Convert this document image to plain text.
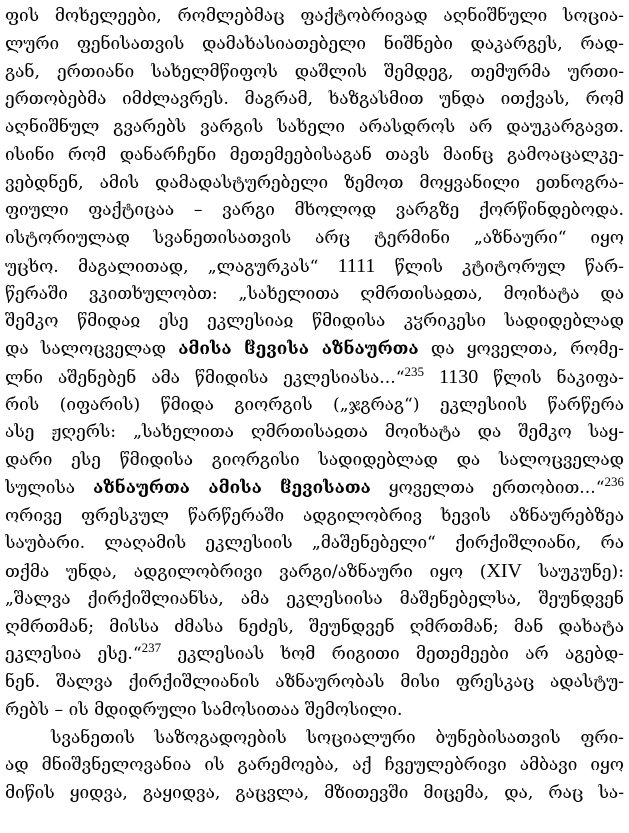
ფის მოხელეები, რომლებმაც ფაქტობრივად აღნიშნული სოცია-
ლური ფენისათვის დამახასიათებელი ნიშნები დაკარგეს, რად-
გან, ერთიანი სახელმწიფოს დაშლის შემდეგ, თემურმა ურთი-
ერთობებმა იმძლავრეს. მაგრამ, ხაზგასმით უნდა ითქვას, რომ
აღნიშნულ გვარებს ვარგის სახელი არასდროს არ დაუკარგავთ.
ისინი რომ დანარჩენი მეთემეებისაგან თავს მაინც გამოაცალკე-
ვებდნენ, ამის დამადასტურებელი ზემოთ მოყვანილი ეთნოგრა-
ფიული ფაქტიცაა – ვარგი მხოლოდ ვარგზე ქორწინდებოდა.
ისტორიულად სვანეთისათვის არც ტერმინი „აზნაური“ იყო
უცხო. მაგალითად, „ლაგურკას“ 1111 წლის კტიტორულ წარ-
წერაში ვკითხულობთ: „სახელითა ღმრთისაჲთა, მოიხატა და
შემკო წმიდაჲ ესე ეკლესიაჲ წმიდისა კჳრიკესი სადიდებლად
და სალოცველად ამისა ჱევისა აზნაურთა და ყოველთა, რომე-
ლნი აშენებენ ამა წმიდისა ეკლესიასა...“$^{235}$ 1130 წლის ნაკიფა-
რის (იფარის) წმიდა გიორგის („ჯგრაგ“) ეკლესიის წარწერა
ასე ჟღერს: „სახელითა ღმრთისაჲთა მოიხატა და შემკო საყ-
დარი ესე წმიდისა გიორგისი სადიდებლად და სალოცველად
სულისა აზნაურთა ამისა ჱევისათა ყოველთა ერთობით...“$^{236}$
ორივე ფრესკულ წარწერაში ადგილობრივ ხევის აზნაურებზეა
საუბარი. ლაღამის ეკლესიის „მაშენებელი“ ქირქიშლიანი, რა
თქმა უნდა, ადგილობრივი ვარგი/აზნაური იყო (XIV საუკუნე):
„შალვა ქირქიშლიანსა, ამა ეკლესიისა მაშენებელსა, შეუნდვენ
ღმრთმან; მისსა ძმასა ნეძეს, შეუნდვენ ღმრთმან; მან დახატა
ეკლესია ესე.“$^{237}$ ეკლესიას ხომ რიგითი მეთემეები არ აგებდ-
ნენ. შალვა ქირქიშლიანის აზნაურობას მისი ფრესკაც ადასტუ-
რებს – ის მდიდრული სამოსითაა შემოსილი.
სვანეთის საზოგადოების სოციალური ბუნებისათვის ფრი-
ად მნიშვნელოვანია ის გარემოება, აქ ჩვეულებრივი ამბავი იყო
მიწის ყიდვა, გაყიდვა, გაცვლა, მზითევში მიცემა, და, რაც სა-
